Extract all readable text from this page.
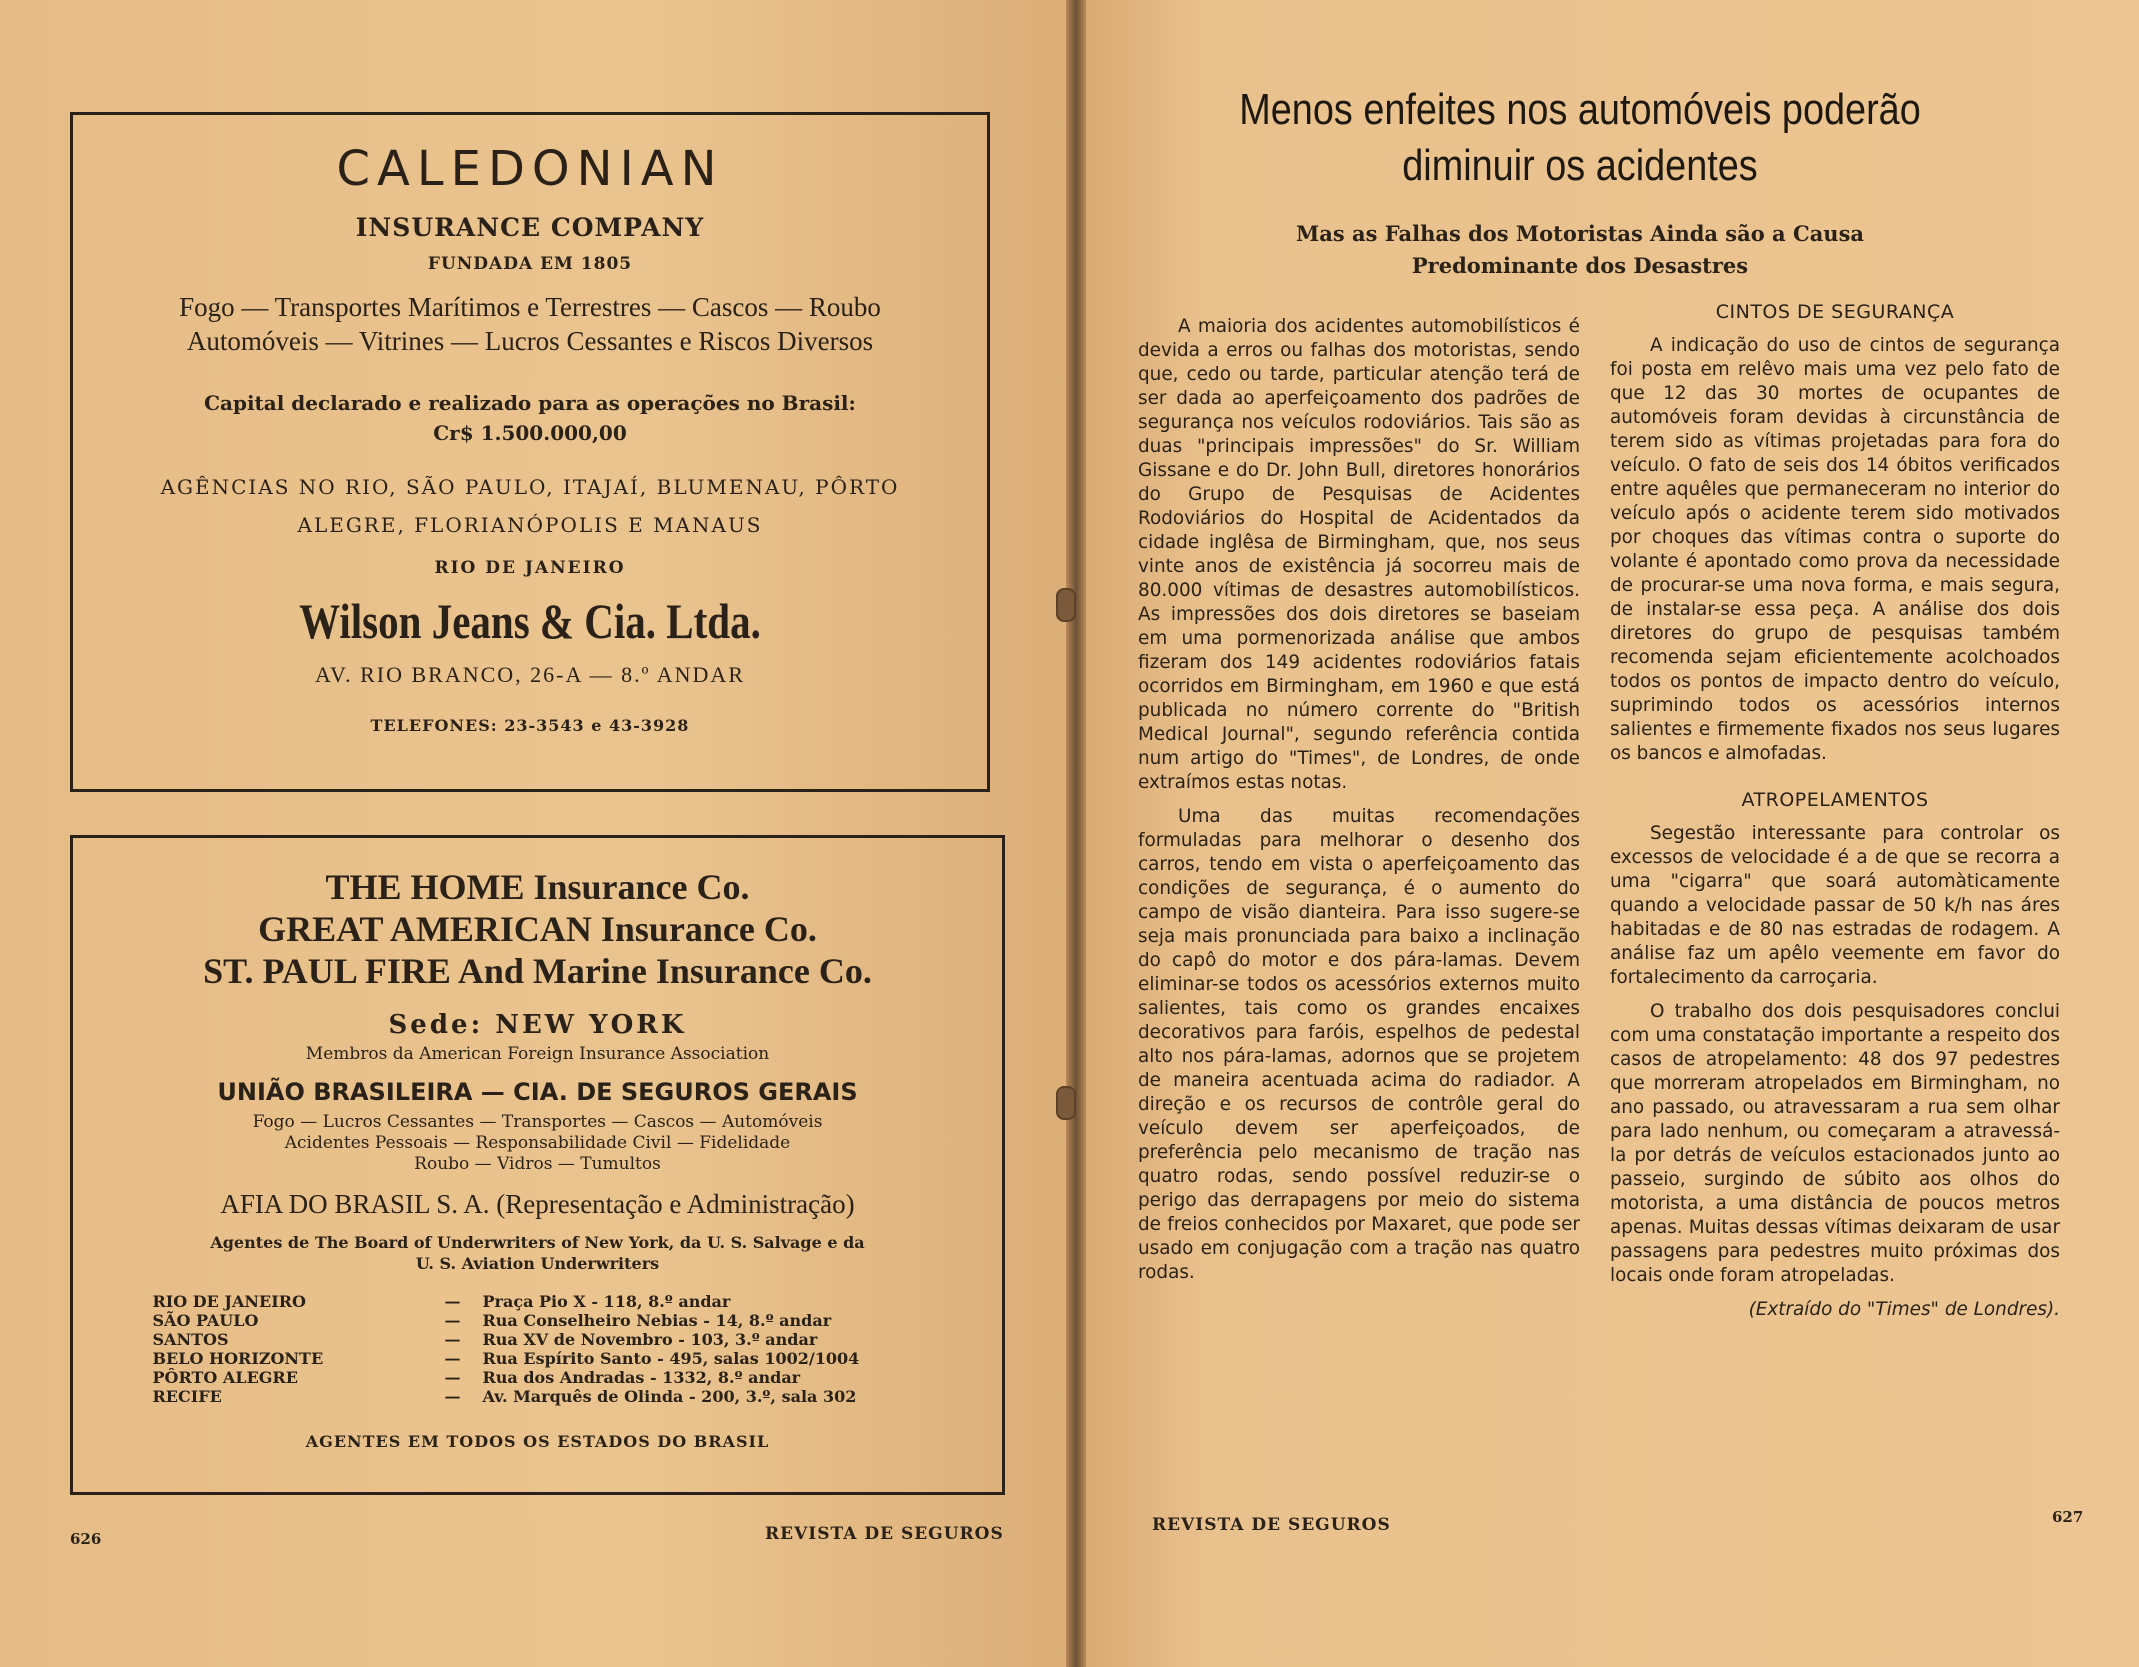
CALEDONIAN
INSURANCE COMPANY
FUNDADA EM 1805
Fogo — Transportes Marítimos e Terrestres — Cascos — Roubo
Automóveis — Vitrines — Lucros Cessantes e Riscos Diversos
Capital declarado e realizado para as operações no Brasil:
Cr$ 1.500.000,00
AGÊNCIAS NO RIO, SÃO PAULO, ITAJAÍ, BLUMENAU, PÔRTO
ALEGRE, FLORIANÓPOLIS E MANAUS
RIO DE JANEIRO
Wilson Jeans & Cia. Ltda.
AV. RIO BRANCO, 26-A — 8.º ANDAR
TELEFONES: 23-3543 e 43-3928
THE HOME Insurance Co.
GREAT AMERICAN Insurance Co.
ST. PAUL FIRE And Marine Insurance Co.
Sede: NEW YORK
Membros da American Foreign Insurance Association
UNIÃO BRASILEIRA — CIA. DE SEGUROS GERAIS
Fogo — Lucros Cessantes — Transportes — Cascos — Automóveis
Acidentes Pessoais — Responsabilidade Civil — Fidelidade
Roubo — Vidros — Tumultos
AFIA DO BRASIL S. A. (Representação e Administração)
Agentes de The Board of Underwriters of New York, da U. S. Salvage e da
U. S. Aviation Underwriters
RIO DE JANEIRO	—	Praça Pio X - 118, 8.º andar
SÃO PAULO	—	Rua Conselheiro Nebias - 14, 8.º andar
SANTOS	—	Rua XV de Novembro - 103, 3.º andar
BELO HORIZONTE	—	Rua Espírito Santo - 495, salas 1002/1004
PÔRTO ALEGRE	—	Rua dos Andradas - 1332, 8.º andar
RECIFE	—	Av. Marquês de Olinda - 200, 3.º, sala 302
AGENTES EM TODOS OS ESTADOS DO BRASIL
626	REVISTA DE SEGUROS
Menos enfeites nos automóveis poderão
diminuir os acidentes
Mas as Falhas dos Motoristas Ainda são a Causa
Predominante dos Desastres

A maioria dos acidentes automobilísticos é devida a erros ou falhas dos motoristas, sendo que, cedo ou tarde, particular atenção terá de ser dada ao aperfeiçoamento dos padrões de segurança nos veículos rodoviários. Tais são as duas "principais impressões" do Sr. William Gissane e do Dr. John Bull, diretores honorários do Grupo de Pesquisas de Acidentes Rodoviários do Hospital de Acidentados da cidade inglêsa de Birmingham, que, nos seus vinte anos de existência já socorreu mais de 80.000 vítimas de desastres automobilísticos. As impressões dos dois diretores se baseiam em uma pormenorizada análise que ambos fizeram dos 149 acidentes rodoviários fatais ocorridos em Birmingham, em 1960 e que está publicada no número corrente do "British Medical Journal", segundo referência contida num artigo do "Times", de Londres, de onde extraímos estas notas.

Uma das muitas recomendações formuladas para melhorar o desenho dos carros, tendo em vista o aperfeiçoamento das condições de segurança, é o aumento do campo de visão dianteira. Para isso sugere-se seja mais pronunciada para baixo a inclinação do capô do motor e dos pára-lamas. Devem eliminar-se todos os acessórios externos muito salientes, tais como os grandes encaixes decorativos para faróis, espelhos de pedestal alto nos pára-lamas, adornos que se projetem de maneira acentuada acima do radiador. A direção e os recursos de contrôle geral do veículo devem ser aperfeiçoados, de preferência pelo mecanismo de tração nas quatro rodas, sendo possível reduzir-se o perigo das derrapagens por meio do sistema de freios conhecidos por Maxaret, que pode ser usado em conjugação com a tração nas quatro rodas.

CINTOS DE SEGURANÇA

A indicação do uso de cintos de segurança foi posta em relêvo mais uma vez pelo fato de que 12 das 30 mortes de ocupantes de automóveis foram devidas à circunstância de terem sido as vítimas projetadas para fora do veículo. O fato de seis dos 14 óbitos verificados entre aquêles que permaneceram no interior do veículo após o acidente terem sido motivados por choques das vítimas contra o suporte do volante é apontado como prova da necessidade de procurar-se uma nova forma, e mais segura, de instalar-se essa peça. A análise dos dois diretores do grupo de pesquisas também recomenda sejam eficientemente acolchoados todos os pontos de impacto dentro do veículo, suprimindo todos os acessórios internos salientes e firmemente fixados nos seus lugares os bancos e almofadas.

ATROPELAMENTOS

Segestão interessante para controlar os excessos de velocidade é a de que se recorra a uma "cigarra" que soará automàticamente quando a velocidade passar de 50 k/h nas áres habitadas e de 80 nas estradas de rodagem. A análise faz um apêlo veemente em favor do fortalecimento da carroçaria.

O trabalho dos dois pesquisadores conclui com uma constatação importante a respeito dos casos de atropelamento: 48 dos 97 pedestres que morreram atropelados em Birmingham, no ano passado, ou atravessaram a rua sem olhar para lado nenhum, ou começaram a atravessá-la por detrás de veículos estacionados junto ao passeio, surgindo de súbito aos olhos do motorista, a uma distância de poucos metros apenas. Muitas dessas vítimas deixaram de usar passagens para pedestres muito próximas dos locais onde foram atropeladas.

(Extraído do "Times" de Londres).
REVISTA DE SEGUROS	627
